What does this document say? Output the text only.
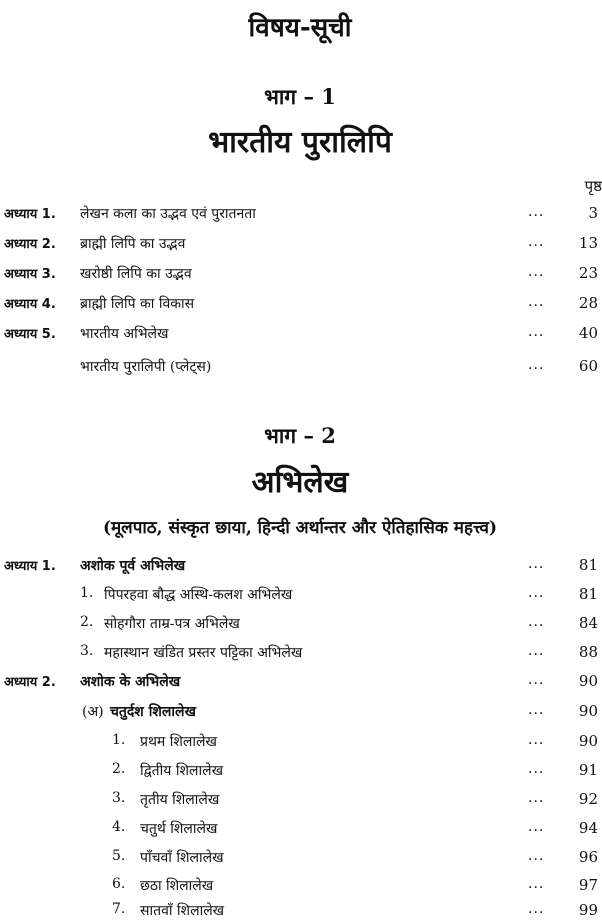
विषय-सूची
भाग – 1
भारतीय पुरालिपि
पृष्ठ
अध्याय 1. लेखन कला का उद्भव एवं पुरातनता	...	3
अध्याय 2. ब्राह्मी लिपि का उद्भव	...	13
अध्याय 3. खरोष्ठी लिपि का उद्भव	...	23
अध्याय 4. ब्राह्मी लिपि का विकास	...	28
अध्याय 5. भारतीय अभिलेख	...	40
भारतीय पुरालिपी (प्लेट्स)	...	60
भाग – 2
अभिलेख
(मूलपाठ, संस्कृत छाया, हिन्दी अर्थान्तर और ऐतिहासिक महत्त्व)
अध्याय 1. अशोक पूर्व अभिलेख	...	81
1. पिपरहवा बौद्ध अस्थि-कलश अभिलेख	...	81
2. सोहगौरा ताम्र-पत्र अभिलेख	...	84
3. महास्थान खंडित प्रस्तर पट्टिका अभिलेख	...	88
अध्याय 2. अशोक के अभिलेख	...	90
(अ) चतुर्दश शिलालेख	...	90
1. प्रथम शिलालेख	...	90
2. द्वितीय शिलालेख	...	91
3. तृतीय शिलालेख	...	92
4. चतुर्थ शिलालेख	...	94
5. पाँचवाँ शिलालेख	...	96
6. छठा शिलालेख	...	97
7. सातवाँ शिलालेख	...	99
